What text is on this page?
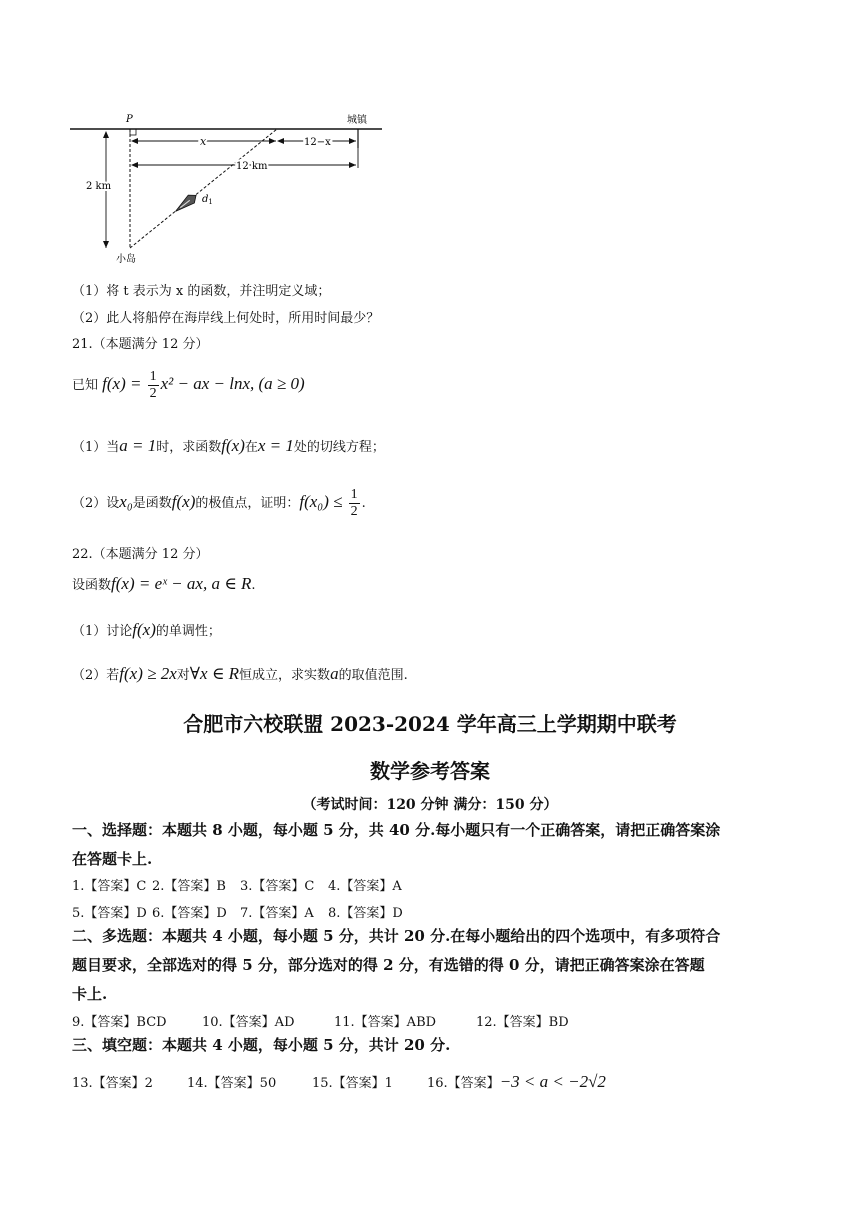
P	城镇
x	12−x
12 km
2 km
$d_1$
小岛
（1）将 t 表示为 x 的函数，并注明定义域；
（2）此人将船停在海岸线上何处时，所用时间最少？
21.（本题满分 12 分）
已知 $f(x) = \frac{1}{2} x^2$ − ax − lnx, (a ≥ 0)
（1）当a = 1时，求函数f(x)在x = 1处的切线方程；
（2）设x₀是函数f(x)的极值点，证明：$f(x_0) \le \frac{1}{2}$ .
22.（本题满分 12 分）
设函数f(x) = eˣ − ax, a ∈ R.
（1）讨论f(x)的单调性；
（2）若f(x) ≥ 2x对∀x ∈ R恒成立，求实数a的取值范围.
合肥市六校联盟 2023-2024 学年高三上学期期中联考
数学参考答案
（考试时间：120 分钟 满分：150 分）
一、选择题：本题共 8 小题，每小题 5 分，共 40 分.每小题只有一个正确答案，请把正确答案涂
在答题卡上.
1.【答案】C 2.【答案】B 3.【答案】C 4.【答案】A
5.【答案】D 6.【答案】D 7.【答案】A 8.【答案】D
二、多选题：本题共 4 小题，每小题 5 分，共计 20 分.在每小题给出的四个选项中，有多项符合
题目要求，全部选对的得 5 分，部分选对的得 2 分，有选错的得 0 分，请把正确答案涂在答题
卡上.
9.【答案】BCD	10.【答案】AD	11.【答案】ABD	12.【答案】BD
三、填空题：本题共 4 小题，每小题 5 分，共计 20 分.
13.【答案】2	14.【答案】50	15.【答案】1	16.【答案】−3 < a < −2√2
